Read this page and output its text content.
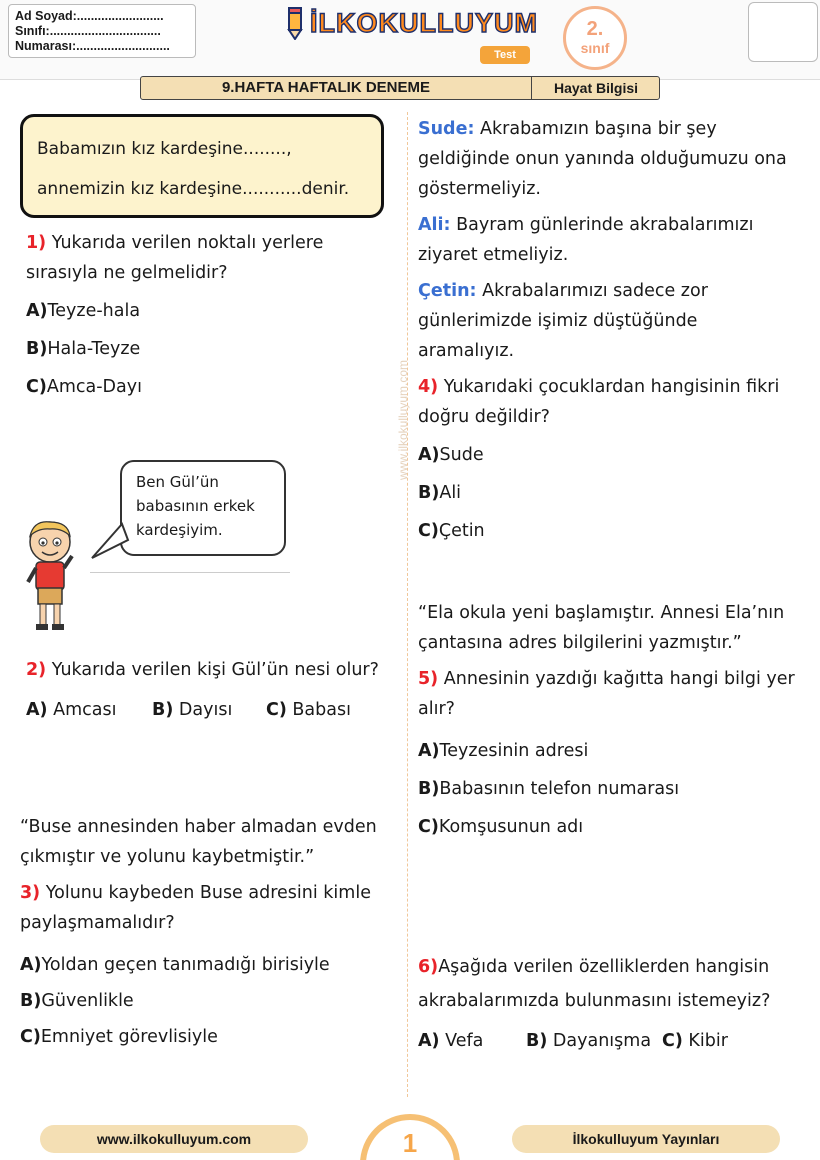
Ad Soyad:.........................
Sınıfı:................................
Numarası:...........................
İLKOKULLUYUM
Test
2.
sınıf
9.HAFTA HAFTALIK DENEME	Hayat Bilgisi
www.ilkokulluyum.com
Babamızın kız kardeşine........,
annemizin kız kardeşine...........denir.
1) Yukarıda verilen noktalı yerlere sırasıyla ne gelmelidir?
A)Teyze-hala
B)Hala-Teyze
C)Amca-Dayı
Ben Gül’ün babasının erkek kardeşiyim.
2) Yukarıda verilen kişi Gül’ün nesi olur?
A) Amcası B) Dayısı C) Babası
“Buse annesinden haber almadan evden çıkmıştır ve yolunu kaybetmiştir.”
3) Yolunu kaybeden Buse adresini kimle paylaşmamalıdır?
A)Yoldan geçen tanımadığı birisiyle
B)Güvenlikle
C)Emniyet görevlisiyle
Sude: Akrabamızın başına bir şey geldiğinde onun yanında olduğumuzu ona göstermeliyiz.
Ali: Bayram günlerinde akrabalarımızı ziyaret etmeliyiz.
Çetin: Akrabalarımızı sadece zor günlerimizde işimiz düştüğünde aramalıyız.
4) Yukarıdaki çocuklardan hangisinin fikri doğru değildir?
A)Sude
B)Ali
C)Çetin
“Ela okula yeni başlamıştır. Annesi Ela’nın çantasına adres bilgilerini yazmıştır.”
5) Annesinin yazdığı kağıtta hangi bilgi yer alır?
A)Teyzesinin adresi
B)Babasının telefon numarası
C)Komşusunun adı
6)Aşağıda verilen özelliklerden hangisin akrabalarımızda bulunmasını istemeyiz?
A) Vefa B) Dayanışma C) Kibir
www.ilkokulluyum.com	İlkokulluyum Yayınları
1
